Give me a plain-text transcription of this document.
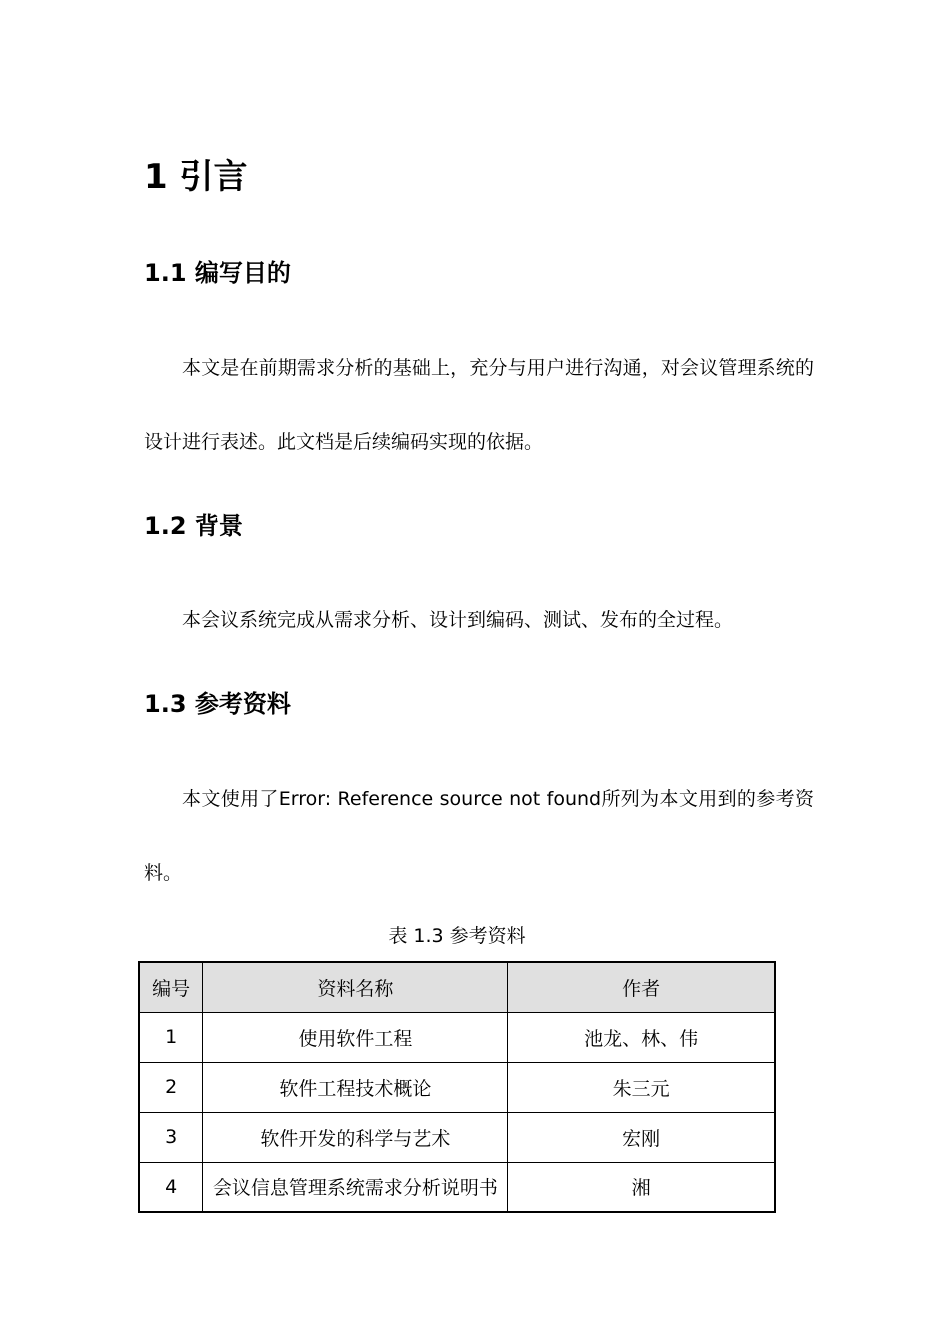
1 引言
1.1 编写目的

本文是在前期需求分析的基础上，充分与用户进行沟通，对会议管理系统的设计进行表述。此文档是后续编码实现的依据。

1.2 背景

本会议系统完成从需求分析、设计到编码、测试、发布的全过程。

1.3 参考资料

本文使用了Error: Reference source not found所列为本文用到的参考资料。

表 1.3 参考资料
编号	资料名称	作者
1	使用软件工程	池龙、林、伟
2	软件工程技术概论	朱三元
3	软件开发的科学与艺术	宏刚
4	会议信息管理系统需求分析说明书	湘
